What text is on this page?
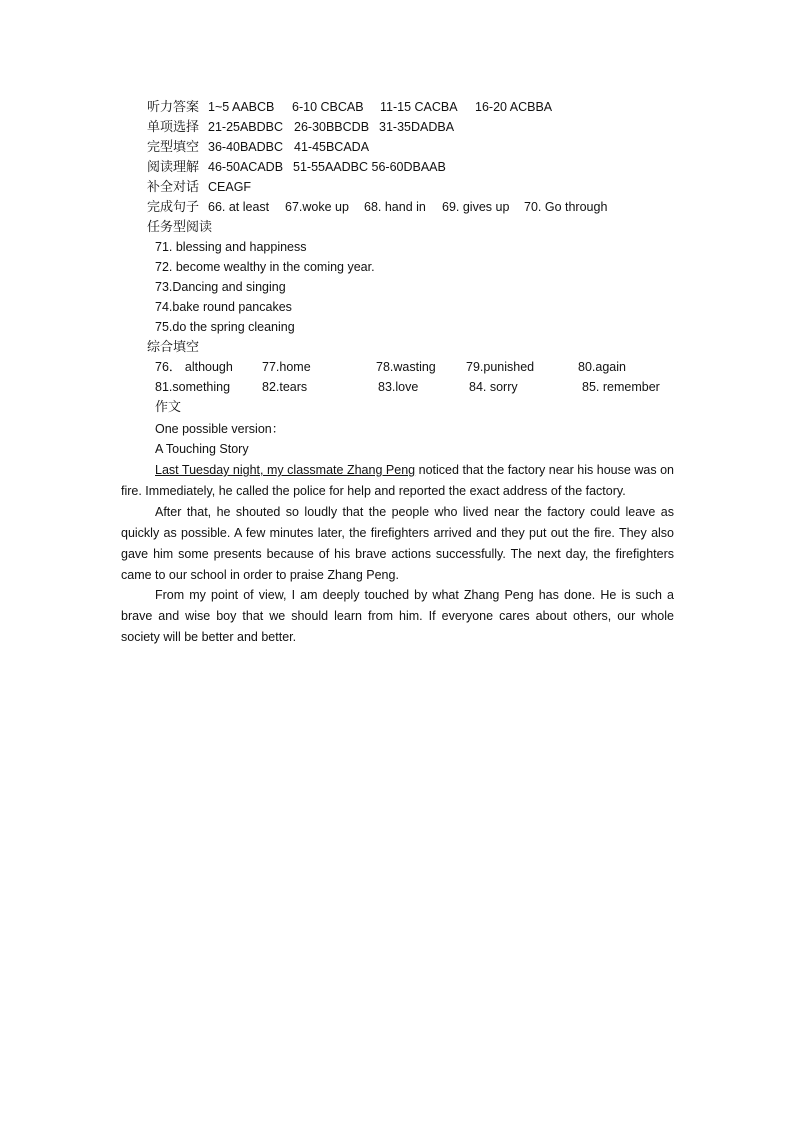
听力答案 1~5 AABCB 6-10 CBCAB 11-15 CACBA 16-20 ACBBA
单项选择 21-25ABDBC 26-30BBCDB 31-35DADBA
完型填空 36-40BADBC 41-45BCADA
阅读理解 46-50ACADB 51-55AADBC 56-60DBAAB
补全对话 CEAGF
完成句子 66. at least 67.woke up 68. hand in 69. gives up 70. Go through
任务型阅读
71. blessing and happiness
72. become wealthy in the coming year.
73.Dancing and singing
74.bake round pancakes
75.do the spring cleaning
综合填空
76． although 77.home	78.wasting 79.punished	80.again
81.something	82.tears	83.love	84. sorry	85. remember
作文
One possible version：
A Touching Story
Last Tuesday night, my classmate Zhang Peng noticed that the factory near his house was on fire. Immediately, he called the police for help and reported the exact address of the factory.
After that, he shouted so loudly that the people who lived near the factory could leave as quickly as possible. A few minutes later, the firefighters arrived and they put out the fire. They also gave him some presents because of his brave actions successfully. The next day, the firefighters came to our school in order to praise Zhang Peng.
From my point of view, I am deeply touched by what Zhang Peng has done. He is such a brave and wise boy that we should learn from him. If everyone cares about others, our whole society will be better and better.
